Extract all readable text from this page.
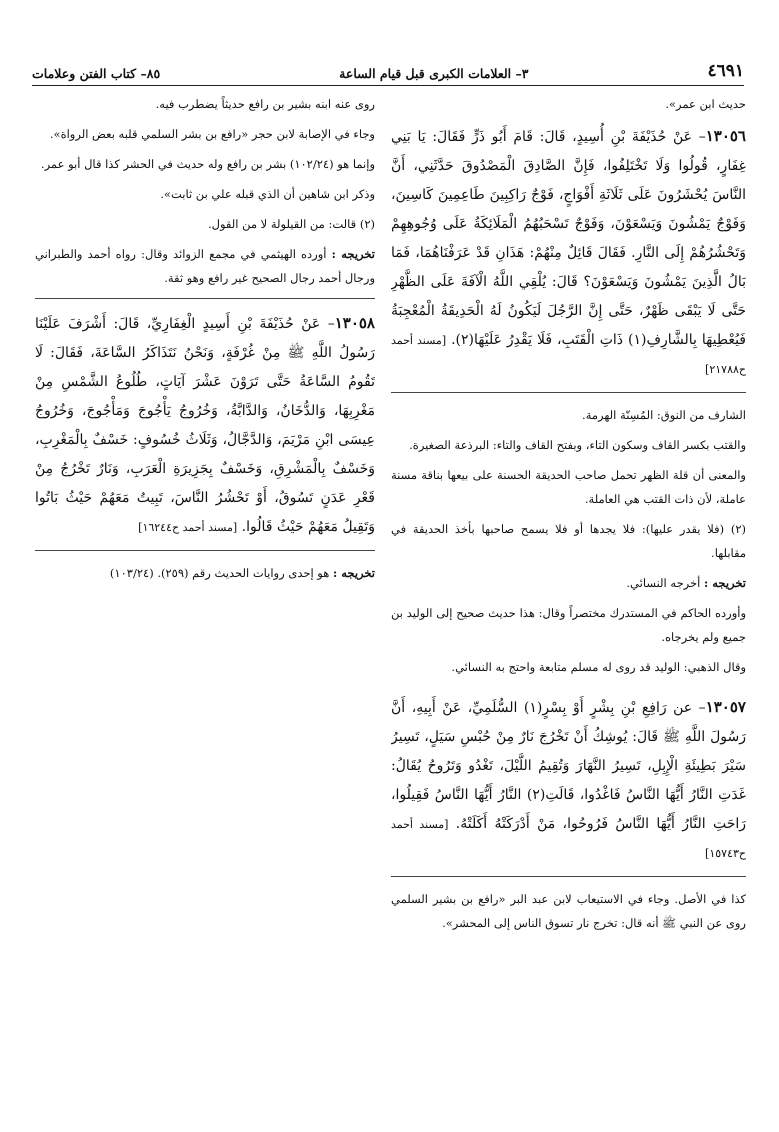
٤٦٩١
٣– العلامات الكبرى قبل قيام الساعة
٨٥– كتاب الفتن وعلامات

حديث ابن عمر».

١٣٠٥٦– عَنْ حُذَيْفَةَ بْنِ أُسِيدٍ، قَالَ: قَامَ أَبُو ذَرٍّ فَقَالَ: يَا بَنِي غِفَارٍ، قُولُوا وَلَا تَخْتَلِفُوا، فَإِنَّ الصَّادِقَ الْمَصْدُوقَ حَدَّثَنِي، أَنَّ النَّاسَ يُحْشَرُونَ عَلَى ثَلَاثَةِ أَفْوَاجٍ، فَوْجٌ رَاكِبِينَ طَاعِمِينَ كَاسِينَ، وَفَوْجٌ يَمْشُونَ وَيَسْعَوْنَ، وَفَوْجٌ تَسْحَبُهُمُ الْمَلَائِكَةُ عَلَى وُجُوهِهِمْ وَتَحْشُرُهُمْ إِلَى النَّارِ. فَقَالَ قَائِلٌ مِنْهُمْ: هَذَانِ قَدْ عَرَفْنَاهُمَا، فَمَا بَالُ الَّذِينَ يَمْشُونَ وَيَسْعَوْنَ؟ قَالَ: يُلْقِي اللَّهُ الْآفَةَ عَلَى الظَّهْرِ حَتَّى لَا يَبْقَى ظَهْرٌ، حَتَّى إِنَّ الرَّجُلَ لَيَكُونُ لَهُ الْحَدِيقَةُ الْمُعْجِبَةُ فَيُعْطِيهَا بِالشَّارِفِ(١) ذَاتِ الْقَتَبِ، فَلَا يَقْدِرُ عَلَيْهَا(٢). [مسند أحمد ح٢١٧٨٨]

الشارف من النوق: المُسِنّة الهرمة.

والقتب بكسر القاف وسكون التاء، وبفتح القاف والتاء: البرذعة الصغيرة.

والمعنى أن قلة الظهر تحمل صاحب الحديقة الحسنة على بيعها بناقة مسنة عاملة، لأن ذات القتب هي العاملة.

(٢) (فلا يقدر عليها): فلا يجدها أو فلا يسمح صاحبها بأخذ الحديقة في مقابلها.

تخريجه : أخرجه النسائي.

وأورده الحاكم في المستدرك مختصراً وقال: هذا حديث صحيح إلى الوليد بن جميع ولم يخرجاه.

وقال الذهبي: الوليد قد روى له مسلم متابعة واحتج به النسائي.

١٣٠٥٧– عن رَافِعِ بْنِ بِشْرٍ أَوْ بِسْرٍ(١) السُّلَمِيِّ، عَنْ أَبِيهِ، أَنَّ رَسُولَ اللَّهِ ﷺ قَالَ: يُوشِكُ أَنْ تَخْرُجَ نَارٌ مِنْ حُبْسِ سَيَلٍ، تَسِيرُ سَيْرَ بَطِيئَةِ الْإِبِلِ، تَسِيرُ النَّهَارَ وَتُقِيمُ اللَّيْلَ، تَغْدُو وَتَرُوحُ يُقَالُ: غَدَتِ النَّارُ أَيُّهَا النَّاسُ فَاغْدُوا، قَالَتِ(٢) النَّارُ أَيُّهَا النَّاسُ فَقِيلُوا، رَاحَتِ النَّارُ أَيُّهَا النَّاسُ فَرُوحُوا، مَنْ أَدْرَكَتْهُ أَكَلَتْهُ. [مسند أحمد ح١٥٧٤٣]

كذا في الأصل. وجاء في الاستيعاب لابن عبد البر «رافع بن بشير السلمي روى عن النبي ﷺ أنه قال: تخرج نار تسوق الناس إلى المحشر».

روى عنه ابنه بشير بن رافع حديثاً يضطرب فيه.

وجاء في الإصابة لابن حجر «رافع بن بشر السلمي قلبه بعض الرواة».

وإنما هو (١٠٢/٢٤) بشر بن رافع وله حديث في الحشر كذا قال أبو عمر.

وذكر ابن شاهين أن الذي قبله علي بن ثابت».

(٢) قالت: من القيلولة لا من القول.

تخريجه : أورده الهيثمي في مجمع الزوائد وقال: رواه أحمد والطبراني ورجال أحمد رجال الصحيح غير رافع وهو ثقة.

١٣٠٥٨– عَنْ حُذَيْفَةَ بْنِ أَسِيدٍ الْغِفَارِيِّ، قَالَ: أَشْرَفَ عَلَيْنَا رَسُولُ اللَّهِ ﷺ مِنْ غُرْفَةٍ، وَنَحْنُ نَتَذَاكَرُ السَّاعَةَ، فَقَالَ: لَا تَقُومُ السَّاعَةُ حَتَّى تَرَوْنَ عَشْرَ آيَاتٍ، طُلُوعُ الشَّمْسِ مِنْ مَغْرِبِهَا، وَالدُّخَانُ، وَالدَّابَّةُ، وَخُرُوجُ يَأْجُوجَ وَمَأْجُوجَ، وَخُرُوجُ عِيسَى ابْنِ مَرْيَمَ، وَالدَّجَّالُ، وَثَلَاثُ خُسُوفٍ: خَسْفٌ بِالْمَغْرِبِ، وَخَسْفٌ بِالْمَشْرِقِ، وَخَسْفٌ بِجَزِيرَةِ الْعَرَبِ، وَنَارٌ تَخْرُجُ مِنْ قَعْرِ عَدَنٍ تَسُوقُ، أَوْ تَحْشُرُ النَّاسَ، تَبِيتُ مَعَهُمْ حَيْثُ بَاتُوا وَتَقِيلُ مَعَهُمْ حَيْثُ قَالُوا. [مسند أحمد ح١٦٢٤٤]

تخريجه : هو إحدى روايات الحديث رقم (٢٥٩). (١٠٣/٢٤)
